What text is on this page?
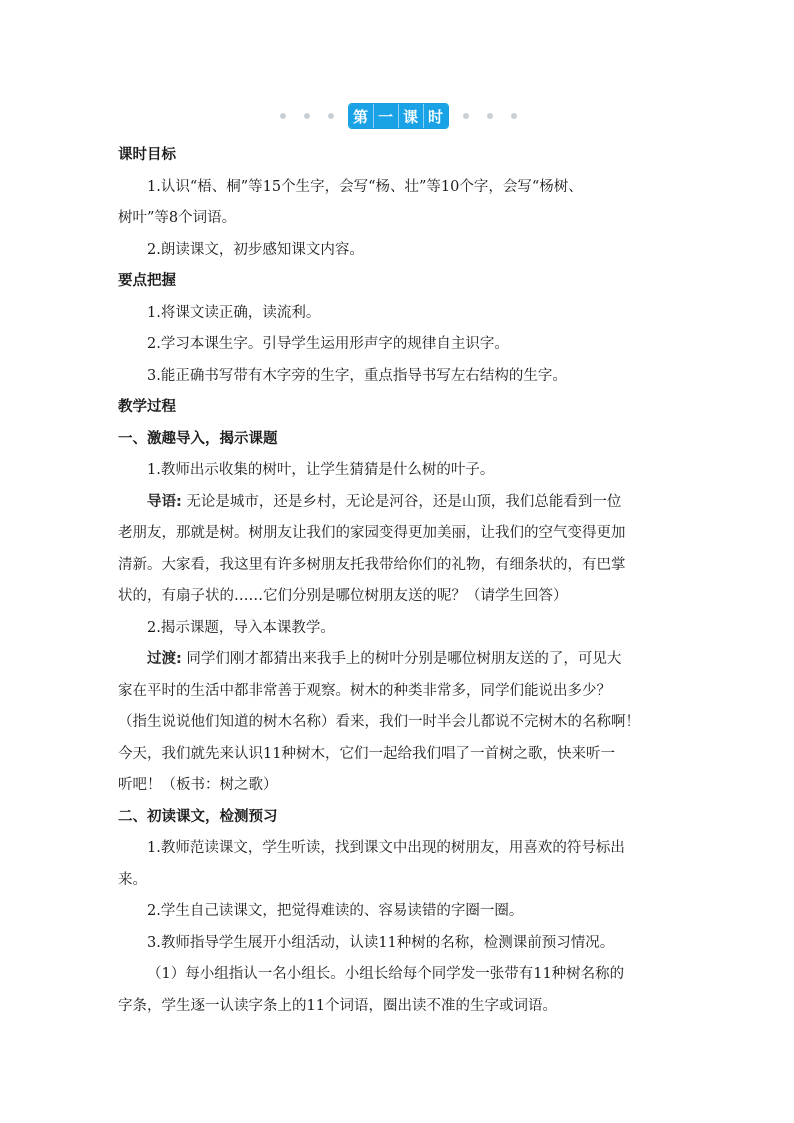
第 一 课 时

课时目标

1.认识“梧、桐”等15个生字，会写“杨、壮”等10个字，会写“杨树、

树叶”等8个词语。

2.朗读课文，初步感知课文内容。

要点把握

1.将课文读正确，读流利。

2.学习本课生字。引导学生运用形声字的规律自主识字。

3.能正确书写带有木字旁的生字，重点指导书写左右结构的生字。

教学过程

一、激趣导入，揭示课题

1.教师出示收集的树叶，让学生猜猜是什么树的叶子。

导语: 无论是城市，还是乡村，无论是河谷，还是山顶，我们总能看到一位

老朋友，那就是树。树朋友让我们的家园变得更加美丽，让我们的空气变得更加

清新。大家看，我这里有许多树朋友托我带给你们的礼物，有细条状的，有巴掌

状的，有扇子状的……它们分别是哪位树朋友送的呢？（请学生回答）

2.揭示课题，导入本课教学。

过渡: 同学们刚才都猜出来我手上的树叶分别是哪位树朋友送的了，可见大

家在平时的生活中都非常善于观察。树木的种类非常多，同学们能说出多少？

（指生说说他们知道的树木名称）看来，我们一时半会儿都说不完树木的名称啊！

今天，我们就先来认识11种树木，它们一起给我们唱了一首树之歌，快来听一

听吧！（板书：树之歌）

二、初读课文，检测预习

1.教师范读课文，学生听读，找到课文中出现的树朋友，用喜欢的符号标出

来。

2.学生自己读课文，把觉得难读的、容易读错的字圈一圈。

3.教师指导学生展开小组活动，认读11种树的名称，检测课前预习情况。

（1）每小组指认一名小组长。小组长给每个同学发一张带有11种树名称的

字条，学生逐一认读字条上的11个词语，圈出读不准的生字或词语。
